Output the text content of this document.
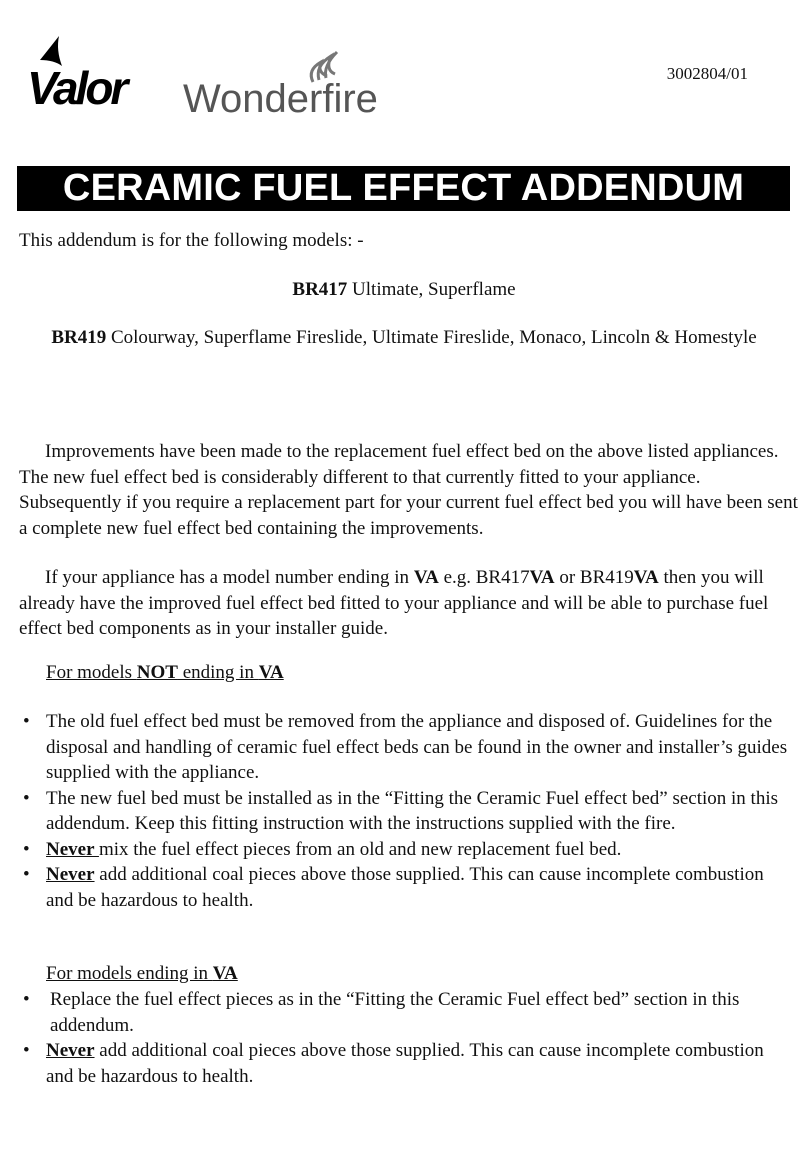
Valor Wonderfire
3002804/01
CERAMIC FUEL EFFECT ADDENDUM
This addendum is for the following models: -
BR417 Ultimate, Superflame
BR419 Colourway, Superflame Fireslide, Ultimate Fireslide, Monaco, Lincoln & Homestyle
Improvements have been made to the replacement fuel effect bed on the above listed appliances. The new fuel effect bed is considerably different to that currently fitted to your appliance. Subsequently if you require a replacement part for your current fuel effect bed you will have been sent a complete new fuel effect bed containing the improvements.
If your appliance has a model number ending in VA e.g. BR417VA or BR419VA then you will already have the improved fuel effect bed fitted to your appliance and will be able to purchase fuel effect bed components as in your installer guide.
For models NOT ending in VA
• The old fuel effect bed must be removed from the appliance and disposed of. Guidelines for the disposal and handling of ceramic fuel effect beds can be found in the owner and installer’s guides supplied with the appliance.
• The new fuel bed must be installed as in the “Fitting the Ceramic Fuel effect bed” section in this addendum. Keep this fitting instruction with the instructions supplied with the fire.
• Never mix the fuel effect pieces from an old and new replacement fuel bed.
• Never add additional coal pieces above those supplied. This can cause incomplete combustion and be hazardous to health.
For models ending in VA
• Replace the fuel effect pieces as in the “Fitting the Ceramic Fuel effect bed” section in this addendum.
• Never add additional coal pieces above those supplied. This can cause incomplete combustion and be hazardous to health.
